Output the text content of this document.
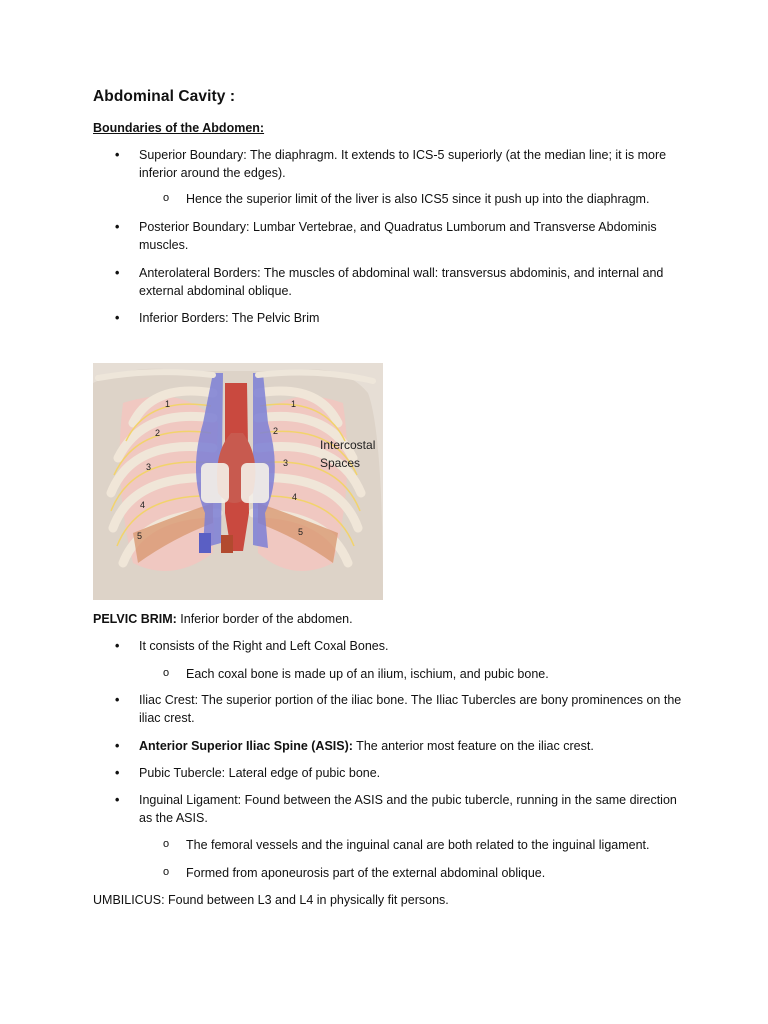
Abdominal Cavity :
Boundaries of the Abdomen:
• Superior Boundary: The diaphragm. It extends to ICS-5 superiorly (at the median line; it is more inferior around the edges).
o Hence the superior limit of the liver is also ICS5 since it push up into the diaphragm.
• Posterior Boundary: Lumbar Vertebrae, and Quadratus Lumborum and Transverse Abdominis muscles.
• Anterolateral Borders: The muscles of abdominal wall: transversus abdominis, and internal and external abdominal oblique.
• Inferior Borders: The Pelvic Brim
1
2
3
4
5
1
2
3
4
5
Intercostal
Spaces
PELVIC BRIM: Inferior border of the abdomen.
• It consists of the Right and Left Coxal Bones.
o Each coxal bone is made up of an ilium, ischium, and pubic bone.
• Iliac Crest: The superior portion of the iliac bone. The Iliac Tubercles are bony prominences on the iliac crest.
• Anterior Superior Iliac Spine (ASIS): The anterior most feature on the iliac crest.
• Pubic Tubercle: Lateral edge of pubic bone.
• Inguinal Ligament: Found between the ASIS and the pubic tubercle, running in the same direction as the ASIS.
o The femoral vessels and the inguinal canal are both related to the inguinal ligament.
o Formed from aponeurosis part of the external abdominal oblique.
UMBILICUS: Found between L3 and L4 in physically fit persons.
